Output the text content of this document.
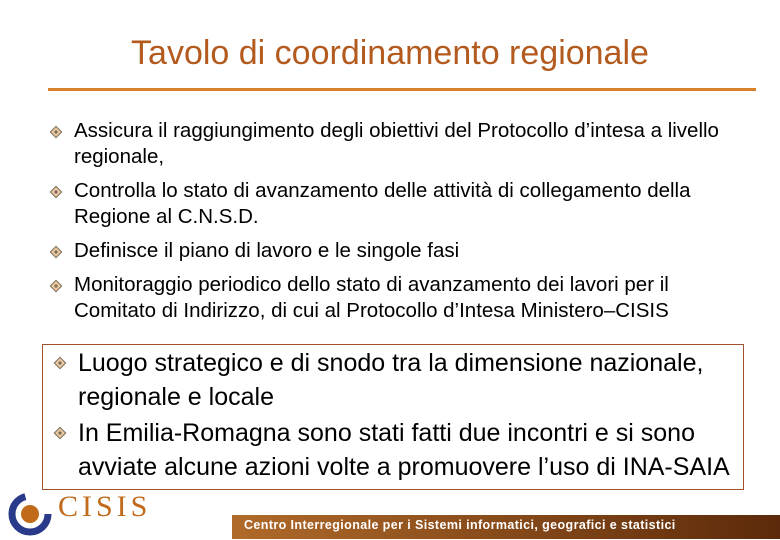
Tavolo di coordinamento regionale
Assicura il raggiungimento degli obiettivi del Protocollo d’intesa a livello regionale,
Controlla lo stato di avanzamento delle attività di collegamento della Regione al C.N.S.D.
Definisce il piano di lavoro e le singole fasi
Monitoraggio periodico dello stato di avanzamento dei lavori per il Comitato di Indirizzo, di cui al Protocollo d’Intesa Ministero–CISIS
Luogo strategico e di snodo tra la dimensione nazionale, regionale e locale
In Emilia-Romagna sono stati fatti due incontri e si sono avviate alcune azioni volte a promuovere l’uso di INA-SAIA
CISIS
Centro Interregionale per i Sistemi informatici, geografici e statistici
